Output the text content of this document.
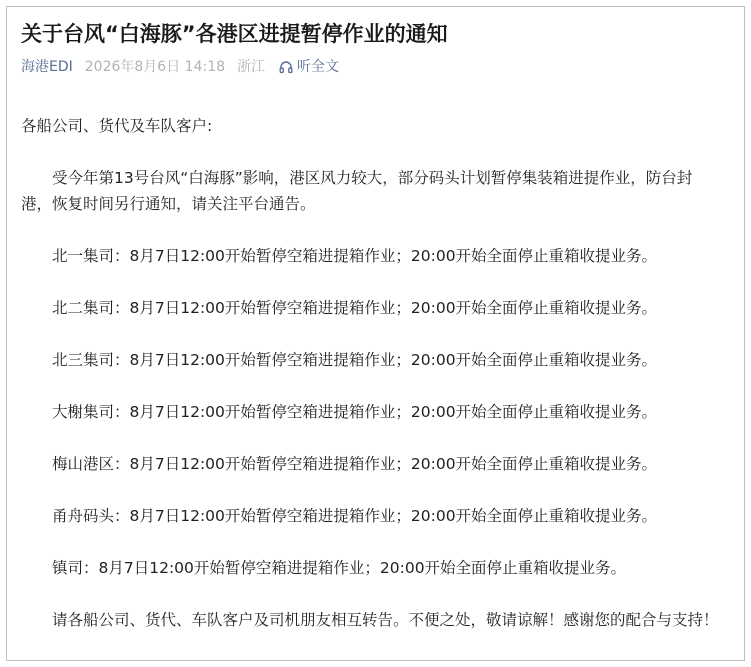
关于台风“白海豚”各港区进提暂停作业的通知
海港EDI 2026年8月6日 14:18 浙江 听全文

各船公司、货代及车队客户:

受今年第13号台风“白海豚”影响，港区风力较大，部分码头计划暂停集装箱进提作业，防台封港，恢复时间另行通知，请关注平台通告。

北一集司：8月7日12:00开始暂停空箱进提箱作业；20:00开始全面停止重箱收提业务。

北二集司：8月7日12:00开始暂停空箱进提箱作业；20:00开始全面停止重箱收提业务。

北三集司：8月7日12:00开始暂停空箱进提箱作业；20:00开始全面停止重箱收提业务。

大榭集司：8月7日12:00开始暂停空箱进提箱作业；20:00开始全面停止重箱收提业务。

梅山港区：8月7日12:00开始暂停空箱进提箱作业；20:00开始全面停止重箱收提业务。

甬舟码头：8月7日12:00开始暂停空箱进提箱作业；20:00开始全面停止重箱收提业务。

镇司：8月7日12:00开始暂停空箱进提箱作业；20:00开始全面停止重箱收提业务。

请各船公司、货代、车队客户及司机朋友相互转告。不便之处，敬请谅解！感谢您的配合与支持！
